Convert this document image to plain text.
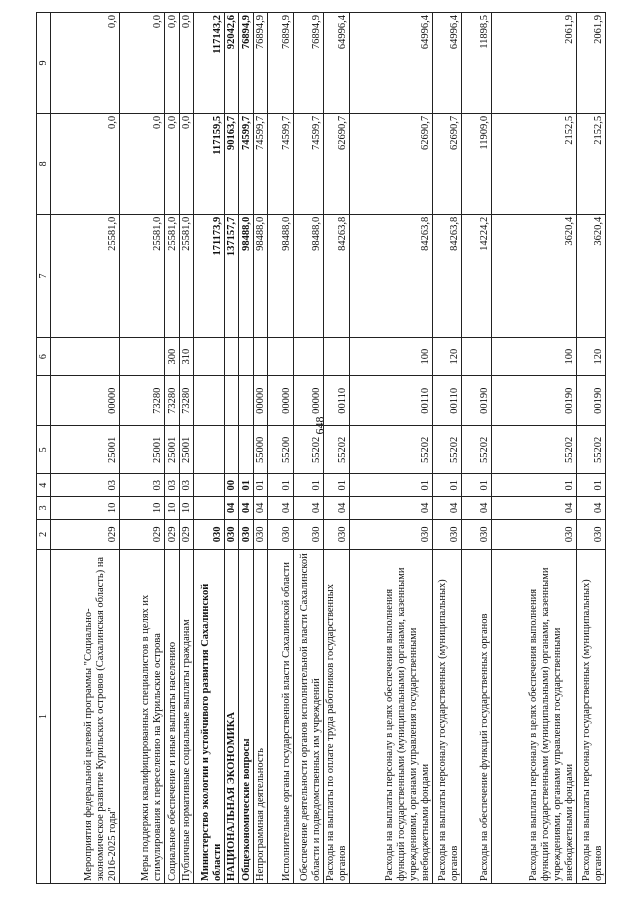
648
1	2	3	4	5		6	7	8	9
Мероприятия федеральной целевой программы "Социально-экономическое развитие Курильских островов (Сахалинская область) на 2016-2025 годы"	029	10	03	25001	00000		25581,0	0,0	0,0
Меры поддержки квалифицированных специалистов в целях их стимулирования к переселению на Курильские острова	029	10	03	25001	73280		25581,0	0,0	0,0
Социальное обеспечение и иные выплаты населению	029	10	03	25001	73280	300	25581,0	0,0	0,0
Публичные нормативные социальные выплаты гражданам	029	10	03	25001	73280	310	25581,0	0,0	0,0
Министерство экологии и устойчивого развития Сахалинской области	030						171173,9	117159,5	117143,2
НАЦИОНАЛЬНАЯ ЭКОНОМИКА	030	04	00				137157,7	90163,7	92042,6
Общеэкономические вопросы	030	04	01				98488,0	74599,7	76894,9
Непрограммная деятельность	030	04	01	55000	00000		98488,0	74599,7	76894,9
Исполнительные органы государственной власти Сахалинской области	030	04	01	55200	00000		98488,0	74599,7	76894,9
Обеспечение деятельности органов исполнительной власти Сахалинской области и подведомственных им учреждений	030	04	01	55202	00000		98488,0	74599,7	76894,9
Расходы на выплаты по оплате труда работников государственных органов	030	04	01	55202	00110		84263,8	62690,7	64996,4
Расходы на выплаты персоналу в целях обеспечения выполнения функций государственными (муниципальными) органами, казенными учреждениями, органами управления государственными внебюджетными фондами	030	04	01	55202	00110	100	84263,8	62690,7	64996,4
Расходы на выплаты персоналу государственных (муниципальных) органов	030	04	01	55202	00110	120	84263,8	62690,7	64996,4
Расходы на обеспечение функций государственных органов	030	04	01	55202	00190		14224,2	11909,0	11898,5
Расходы на выплаты персоналу в целях обеспечения выполнения функций государственными (муниципальными) органами, казенными учреждениями, органами управления государственными внебюджетными фондами	030	04	01	55202	00190	100	3620,4	2152,5	2061,9
Расходы на выплаты персоналу государственных (муниципальных) органов	030	04	01	55202	00190	120	3620,4	2152,5	2061,9
